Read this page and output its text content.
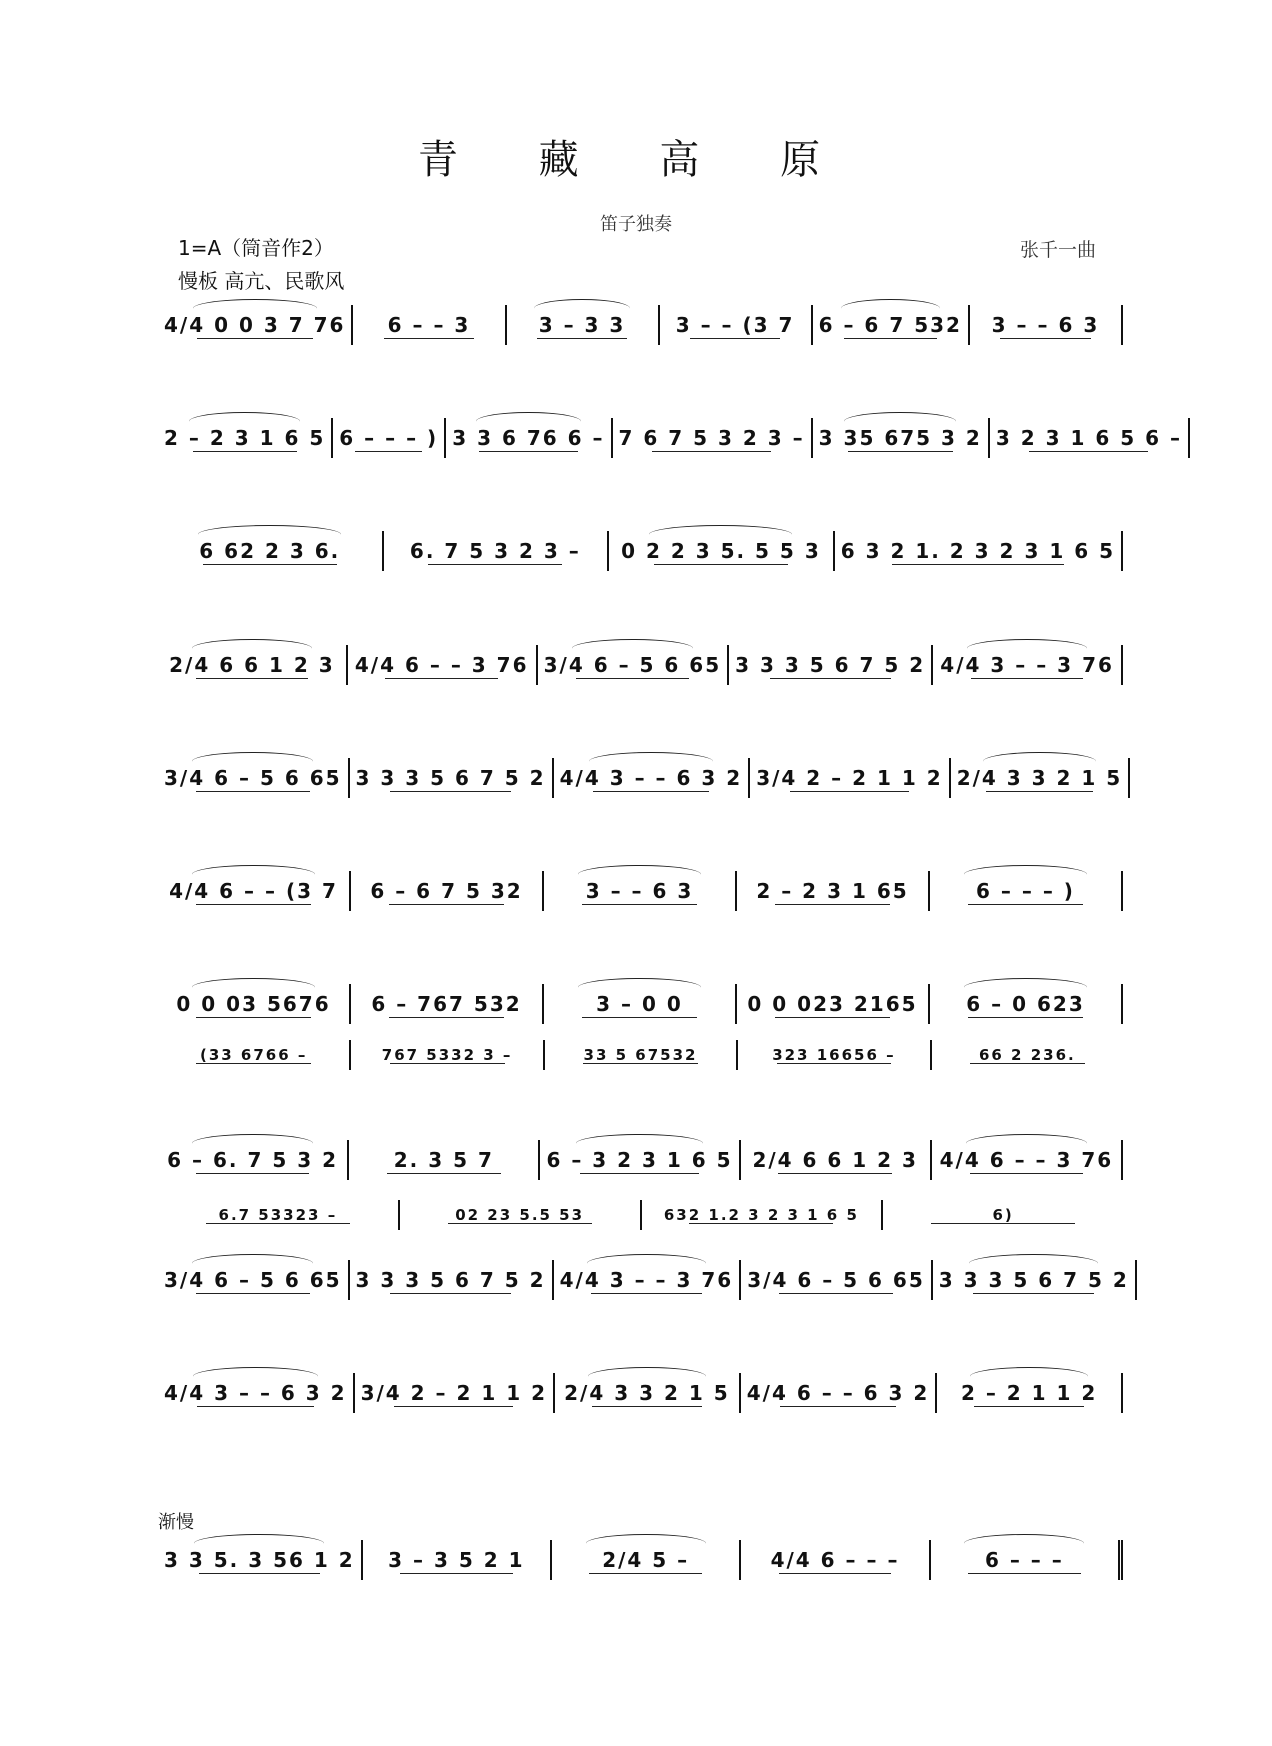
青 藏 高 原
笛子独奏
1=A（筒音作2）
慢板 高亢、民歌风
张千一曲
4/4 0 0 3 7 76 6 – – 3	3 – 3 3	3 – – (3 7 6 – 6 7 532 3 – – 6 3
2 – 2 3 1 6 5 6 – – – ) 3 3 6 76 6 – 7 6 7 5 3 2 3 – 3 35 675 3 2 3 2 3 1 6 5 6 –
6 62 2 3 6.	6. 7 5 3 2 3 – 0 2 2 3 5. 5 5 3 6 3 2 1. 2 3 2 3 1 6 5
2/4 6 6 1 2 3 4/4 6 – – 3 76 3/4 6 – 5 6 65 3 3 3 5 6 7 5 2 4/4 3 – – 3 76
3/4 6 – 5 6 65 3 3 3 5 6 7 5 2 4/4 3 – – 6 3 2 3/4 2 – 2 1 1 2 2/4 3 3 2 1 5
4/4 6 – – (3 7 6 – 6 7 5 32	3 – – 6 3	2 – 2 3 1 65	6 – – – )
0 0 03 5676 6 – 767 532	3 – 0 0	0 0 023 2165 6 – 0 623
6 – 6. 7 5 3 2	2. 3 5 7	6 – 3 2 3 1 6 5 2/4 6 6 1 2 3 4/4 6 – – 3 76
3/4 6 – 5 6 65 3 3 3 5 6 7 5 2 4/4 3 – – 3 76 3/4 6 – 5 6 65 3 3 3 5 6 7 5 2
4/4 3 – – 6 3 2 3/4 2 – 2 1 1 2 2/4 3 3 2 1 5 4/4 6 – – 6 3 2 2 – 2 1 1 2
3 3 5. 3 56 1 2 3 – 3 5 2 1	2/4 5 –	4/4 6 – – –	6 – – –
(33 6766 –	767 5332 3 –	33 5 67532	323 16656 –	66 2 236.
6.7 53323 –	02 23 5.5 53	632 1.2 3 2 3 1 6 5	6)
渐慢
